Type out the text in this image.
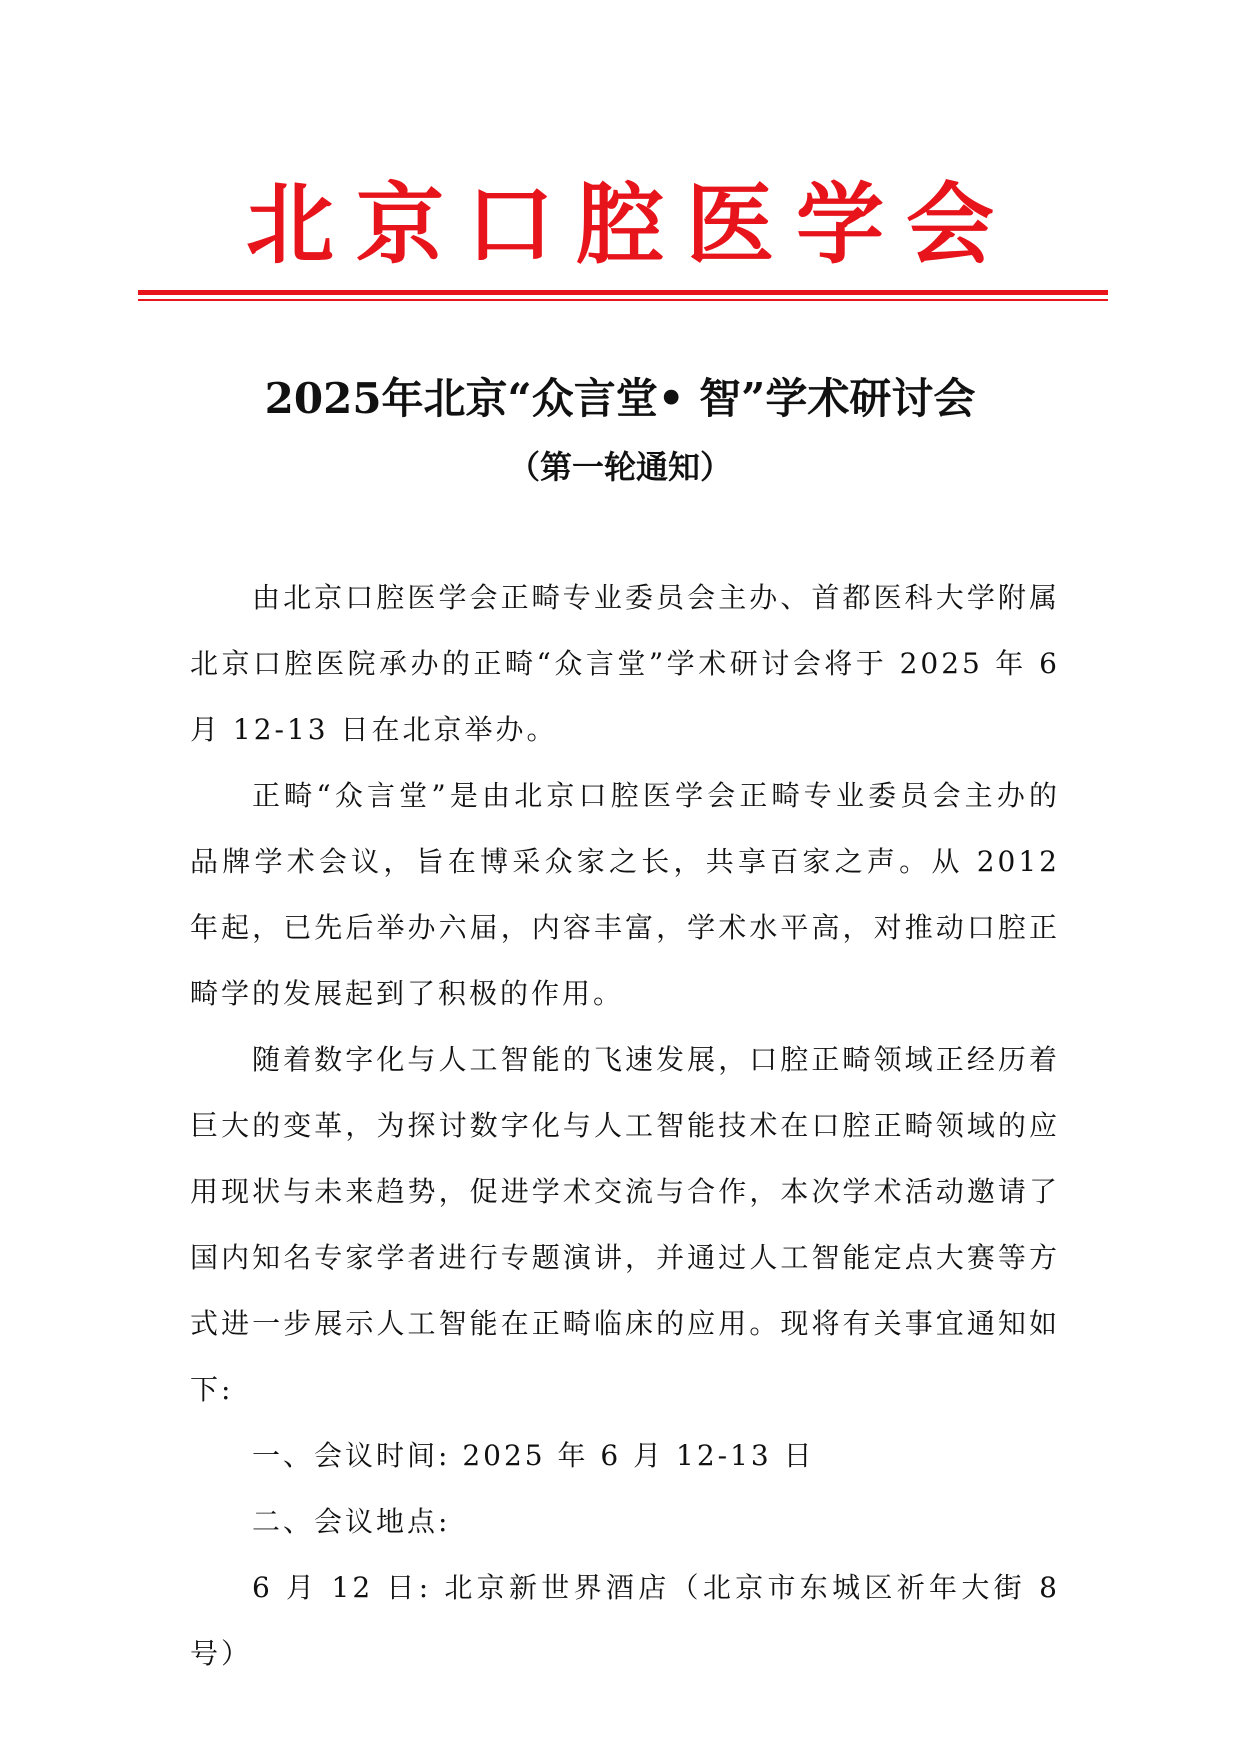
北京口腔医学会
2025年北京“众言堂• 智”学术研讨会
（第一轮通知）

由北京口腔医学会正畸专业委员会主办、首都医科大学附属北京口腔医院承办的正畸“众言堂”学术研讨会将于 2025 年 6 月 12-13 日在北京举办。

正畸“众言堂”是由北京口腔医学会正畸专业委员会主办的品牌学术会议，旨在博采众家之长，共享百家之声。从 2012 年起，已先后举办六届，内容丰富，学术水平高，对推动口腔正畸学的发展起到了积极的作用。

随着数字化与人工智能的飞速发展，口腔正畸领域正经历着巨大的变革，为探讨数字化与人工智能技术在口腔正畸领域的应用现状与未来趋势，促进学术交流与合作，本次学术活动邀请了国内知名专家学者进行专题演讲，并通过人工智能定点大赛等方式进一步展示人工智能在正畸临床的应用。现将有关事宜通知如下:

一、会议时间: 2025 年 6 月 12-13 日

二、会议地点:

6 月 12 日: 北京新世界酒店（北京市东城区祈年大街 8 号）
